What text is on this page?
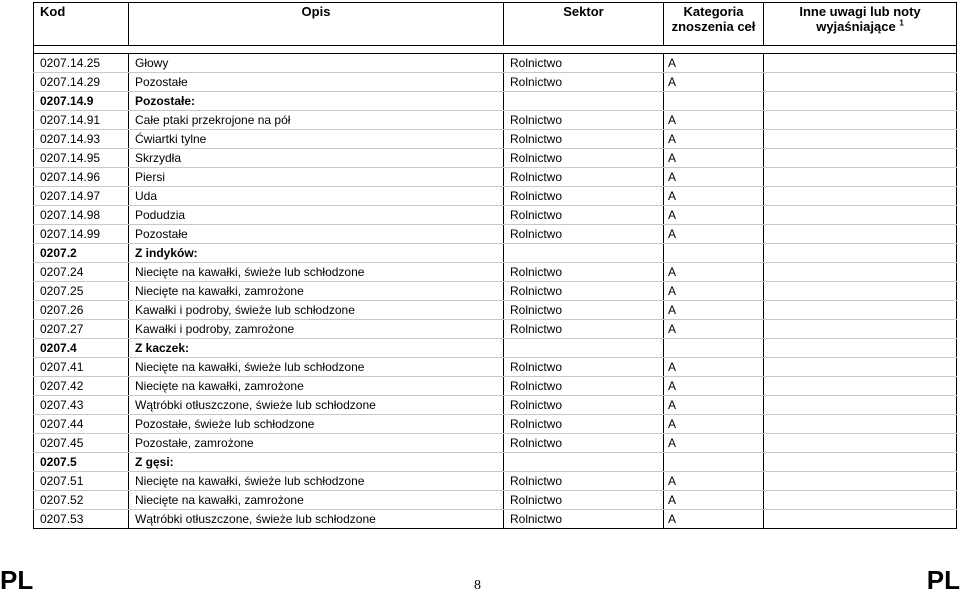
Kod	Opis	Sektor	Kategoria znoszenia ceł	Inne uwagi lub noty wyjaśniające $^1$

0207.14.25	Głowy	Rolnictwo	A	
0207.14.29	Pozostałe	Rolnictwo	A	
0207.14.9	Pozostałe:			
0207.14.91	Całe ptaki przekrojone na pół	Rolnictwo	A	
0207.14.93	Ćwiartki tylne	Rolnictwo	A	
0207.14.95	Skrzydła	Rolnictwo	A	
0207.14.96	Piersi	Rolnictwo	A	
0207.14.97	Uda	Rolnictwo	A	
0207.14.98	Podudzia	Rolnictwo	A	
0207.14.99	Pozostałe	Rolnictwo	A	
0207.2	Z indyków:			
0207.24	Niecięte na kawałki, świeże lub schłodzone	Rolnictwo	A	
0207.25	Niecięte na kawałki, zamrożone	Rolnictwo	A	
0207.26	Kawałki i podroby, świeże lub schłodzone	Rolnictwo	A	
0207.27	Kawałki i podroby, zamrożone	Rolnictwo	A	
0207.4	Z kaczek:			
0207.41	Niecięte na kawałki, świeże lub schłodzone	Rolnictwo	A	
0207.42	Niecięte na kawałki, zamrożone	Rolnictwo	A	
0207.43	Wątróbki otłuszczone, świeże lub schłodzone	Rolnictwo	A	
0207.44	Pozostałe, świeże lub schłodzone	Rolnictwo	A	
0207.45	Pozostałe, zamrożone	Rolnictwo	A	
0207.5	Z gęsi:			
0207.51	Niecięte na kawałki, świeże lub schłodzone	Rolnictwo	A	
0207.52	Niecięte na kawałki, zamrożone	Rolnictwo	A	
0207.53	Wątróbki otłuszczone, świeże lub schłodzone	Rolnictwo	A	
PL	8	PL
